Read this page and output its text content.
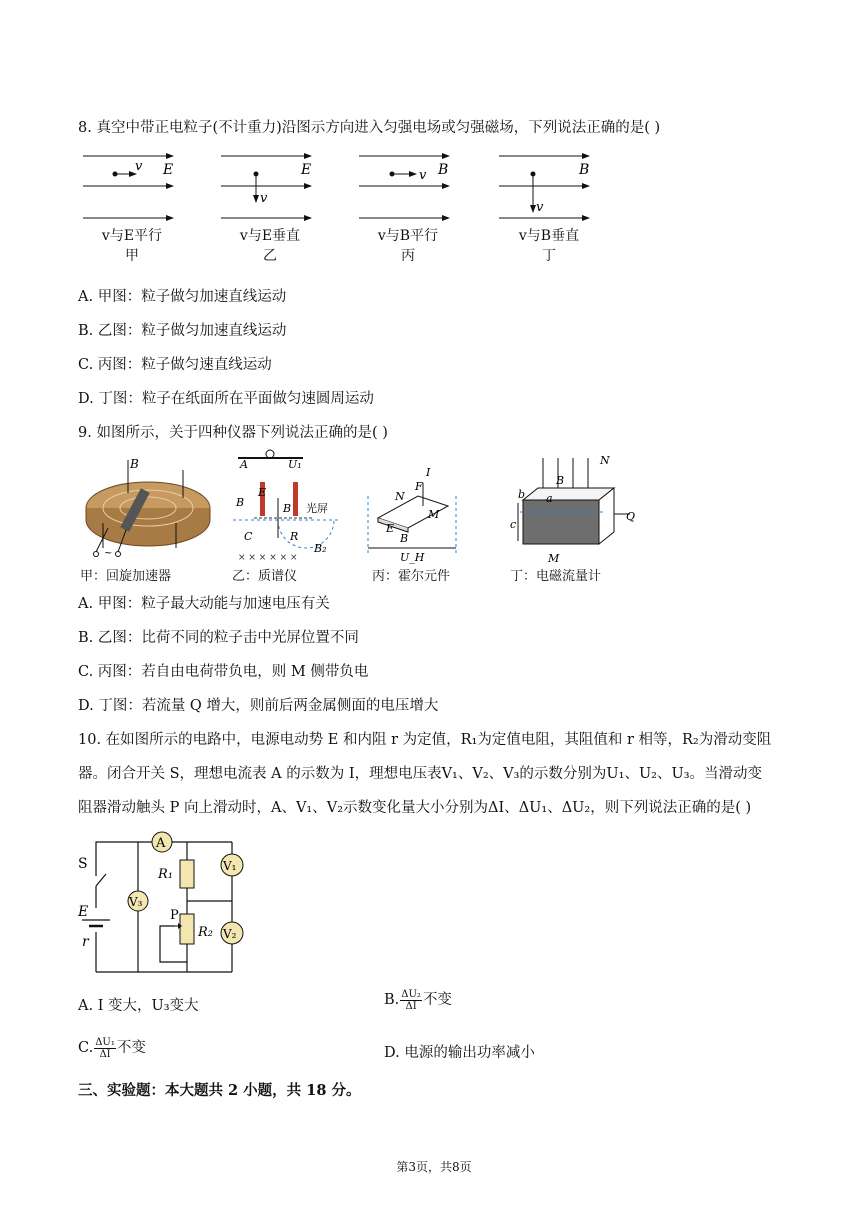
8. 真空中带正电粒子(不计重力)沿图示方向进入匀强电场或匀强磁场，下列说法正确的是( )
v E
v
E	v B
v
B
v与E平行
甲
v与E垂直
乙
v与B平行
丙
v与B垂直
丁
A. 甲图：粒子做匀加速直线运动
B. 乙图：粒子做匀加速直线运动
C. 丙图：粒子做匀速直线运动
D. 丁图：粒子在纸面所在平面做匀速圆周运动
9. 如图所示，关于四种仪器下列说法正确的是( )
~
B	A	U₁
B
E
B 光屏
C	R
B₂
× × × × × ×
I
F
N
M
E
B
U_H
N
b a
B
c
Q
M
甲：回旋加速器	乙：质谱仪	丙：霍尔元件	丁：电磁流量计
A. 甲图：粒子最大动能与加速电压有关
B. 乙图：比荷不同的粒子击中光屏位置不同
C. 丙图：若自由电荷带负电，则 M 侧带负电
D. 丁图：若流量 Q 增大，则前后两金属侧面的电压增大
10. 在如图所示的电路中，电源电动势 E 和内阻 r 为定值，R₁为定值电阻，其阻值和 r 相等，R₂为滑动变阻
器。闭合开关 S，理想电流表 A 的示数为 I，理想电压表V₁、V₂、V₃的示数分别为U₁、U₂、U₃。当滑动变
阻器滑动触头 P 向上滑动时，A、V₁、V₂示数变化量大小分别为ΔI、ΔU₁、ΔU₂，则下列说法正确的是( )
A
V₃
V₁
V₂
R₁
R₂
P
S
E
r
A. I 变大，U₃变大	B. $\frac{\text{ΔU₂}}{\Delta I}$ 不变
C. $\frac{\text{ΔU₁}}{\Delta I}$ 不变	D. 电源的输出功率减小
三、实验题：本大题共 2 小题，共 18 分。
第3页，共8页
